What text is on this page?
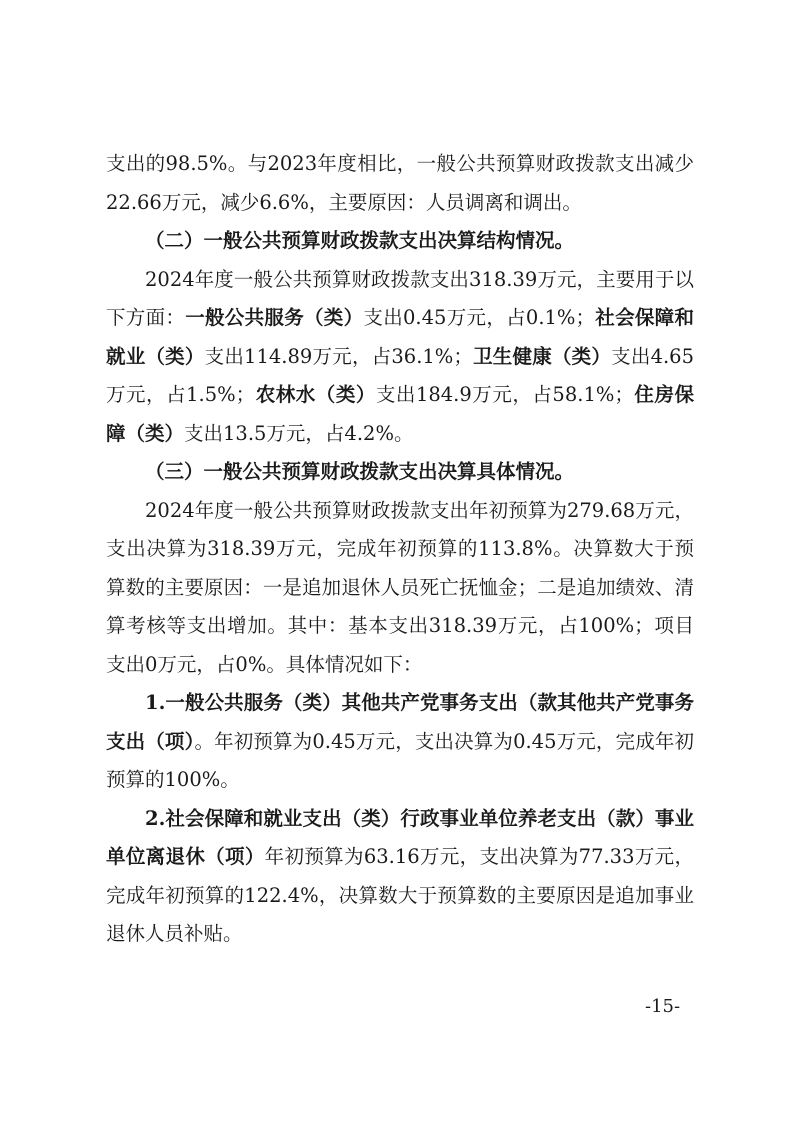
支出的98.5%。与2023年度相比，一般公共预算财政拨款支出减少22.66万元，减少6.6%，主要原因：人员调离和调出。

（二）一般公共预算财政拨款支出决算结构情况。

2024年度一般公共预算财政拨款支出318.39万元，主要用于以下方面：一般公共服务（类）支出0.45万元，占0.1%；社会保障和就业（类）支出114.89万元，占36.1%；卫生健康（类）支出4.65万元，占1.5%；农林水（类）支出184.9万元，占58.1%；住房保障（类）支出13.5万元，占4.2%。

（三）一般公共预算财政拨款支出决算具体情况。

2024年度一般公共预算财政拨款支出年初预算为279.68万元，支出决算为318.39万元，完成年初预算的113.8%。决算数大于预算数的主要原因：一是追加退休人员死亡抚恤金；二是追加绩效、清算考核等支出增加。其中：基本支出318.39万元，占100%；项目支出0万元，占0%。具体情况如下：

1.一般公共服务（类）其他共产党事务支出（款其他共产党事务支出（项）。年初预算为0.45万元，支出决算为0.45万元，完成年初预算的100%。

2.社会保障和就业支出（类）行政事业单位养老支出（款）事业单位离退休（项）年初预算为63.16万元，支出决算为77.33万元，完成年初预算的122.4%，决算数大于预算数的主要原因是追加事业退休人员补贴。

-15-
